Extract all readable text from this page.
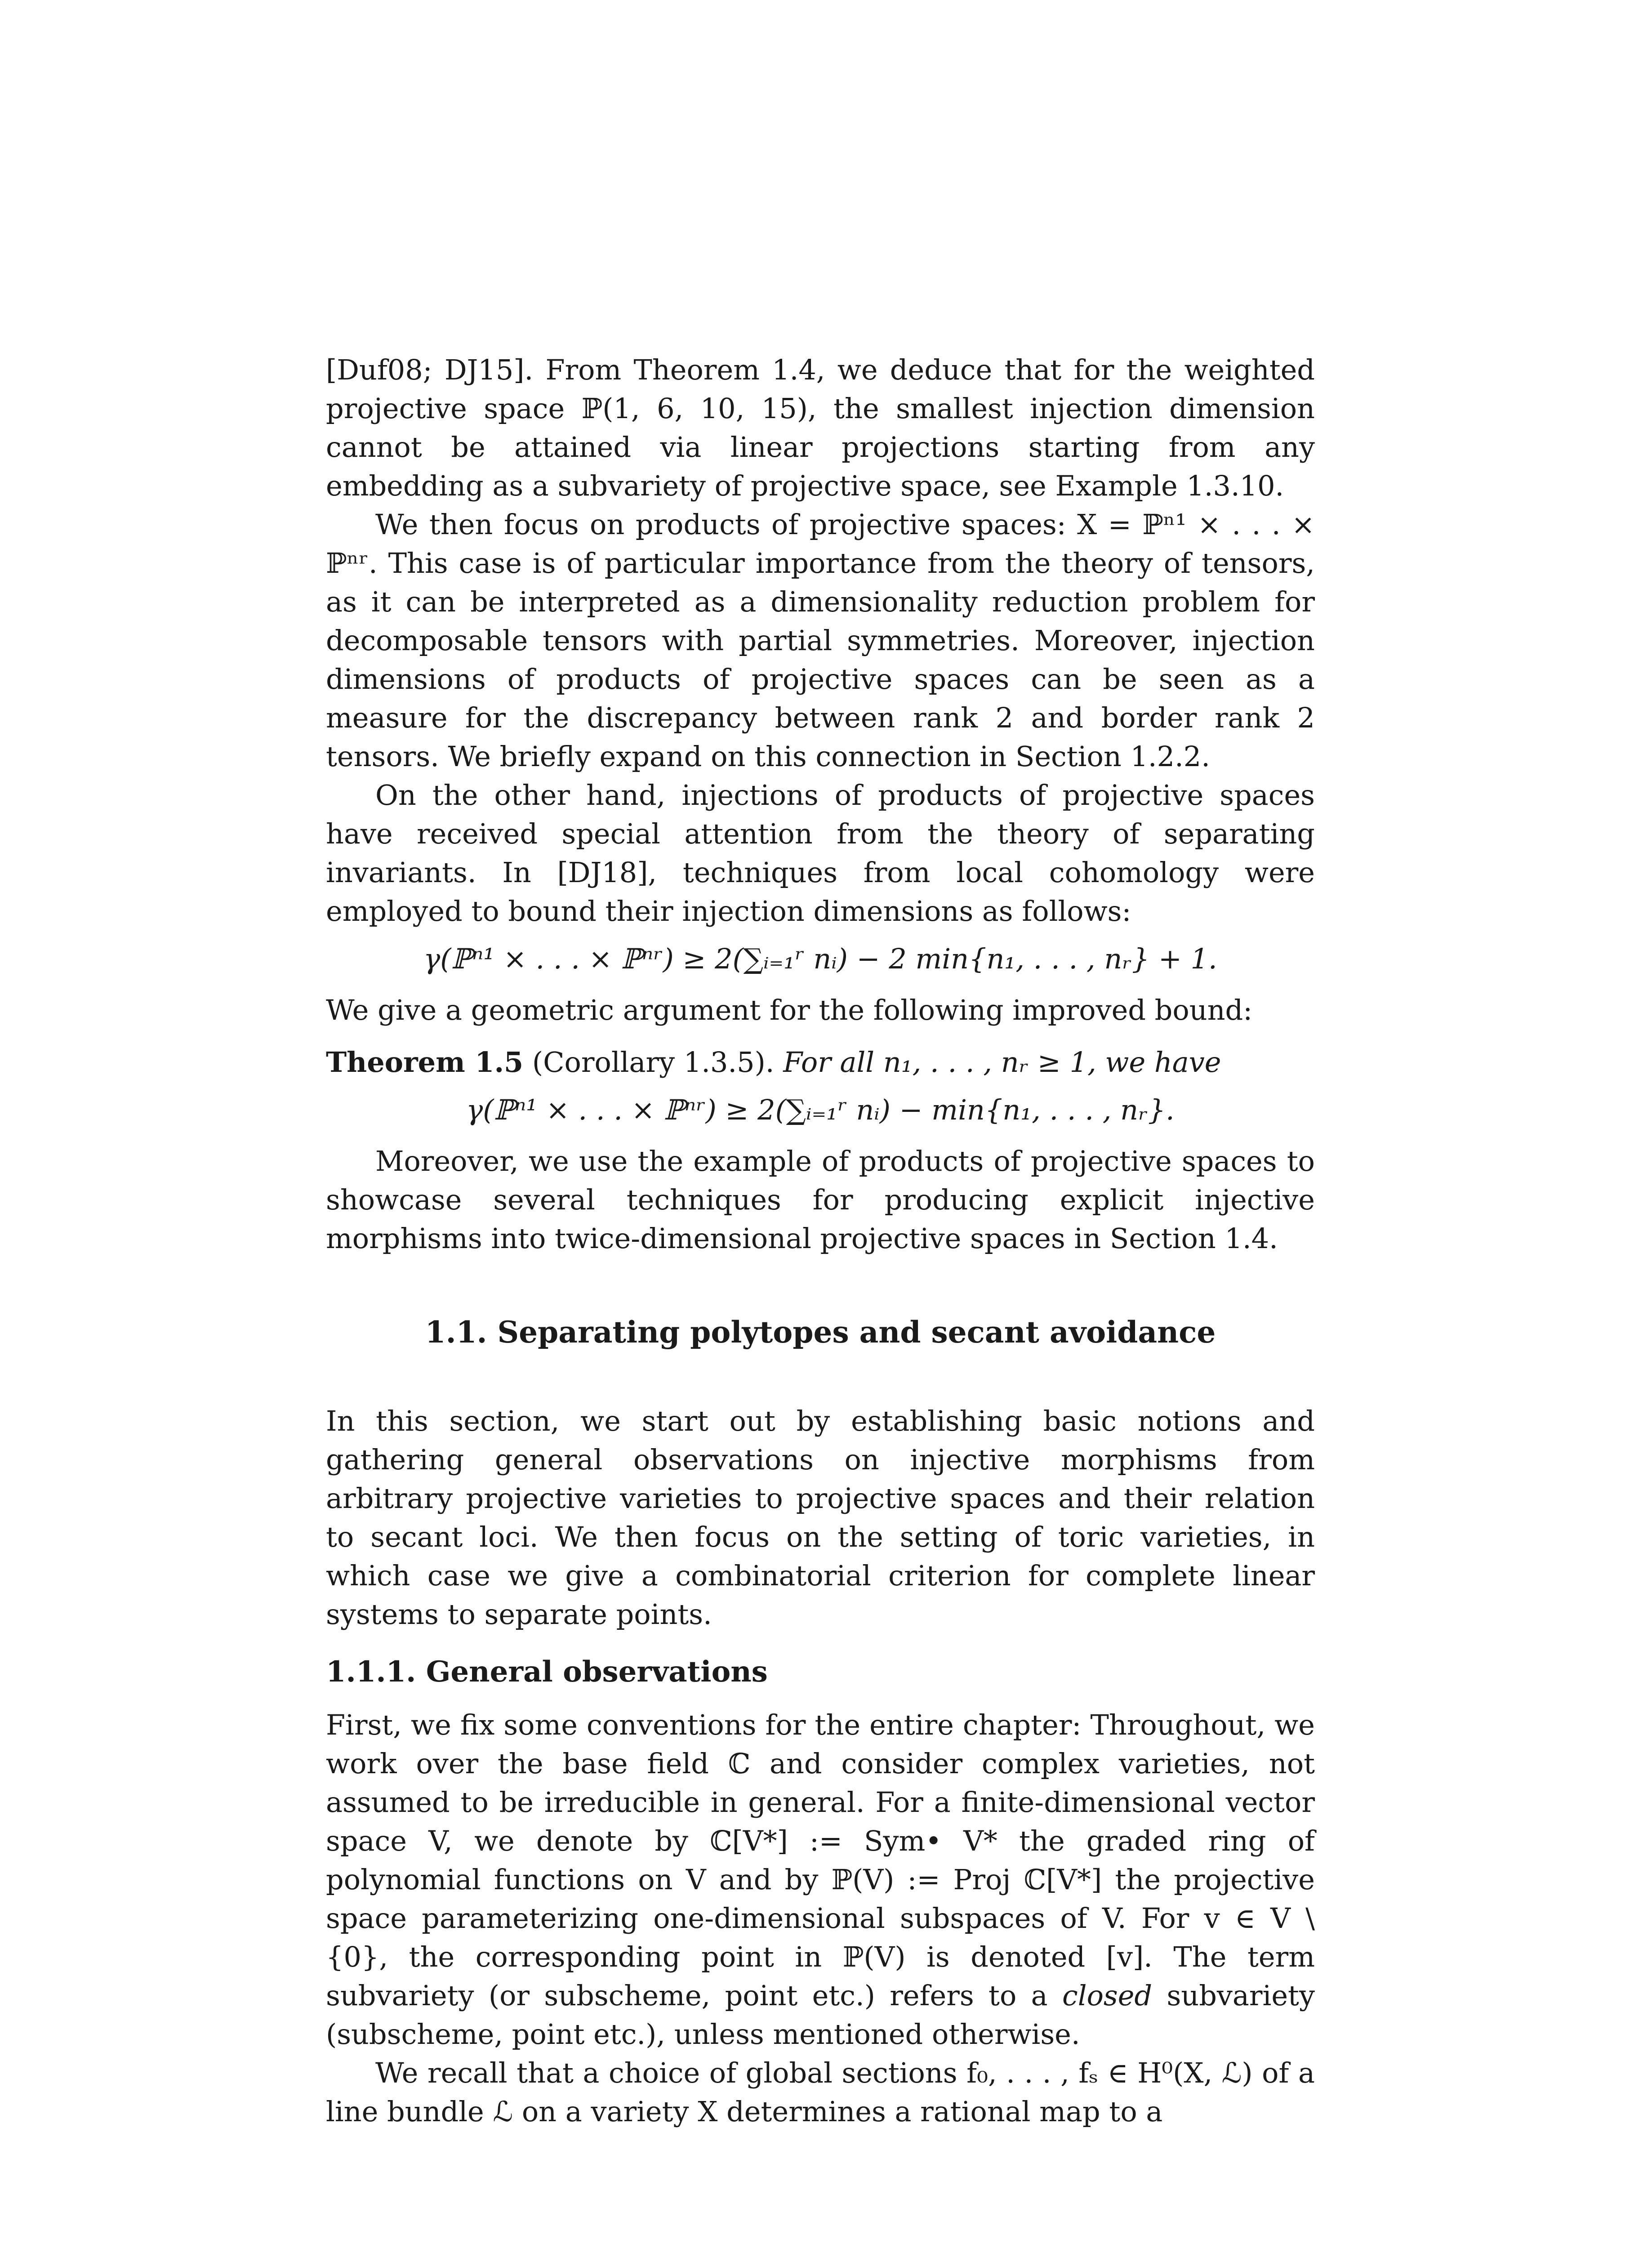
[Duf08; DJ15]. From Theorem 1.4, we deduce that for the weighted projective space ℙ(1, 6, 10, 15), the smallest injection dimension cannot be attained via linear projections starting from any embedding as a subvariety of projective space, see Example 1.3.10.

We then focus on products of projective spaces: X = ℙⁿ¹ × . . . × ℙⁿʳ. This case is of particular importance from the theory of tensors, as it can be interpreted as a dimensionality reduction problem for decomposable tensors with partial symmetries. Moreover, injection dimensions of products of projective spaces can be seen as a measure for the discrepancy between rank 2 and border rank 2 tensors. We briefly expand on this connection in Section 1.2.2.

On the other hand, injections of products of projective spaces have received special attention from the theory of separating invariants. In [DJ18], techniques from local cohomology were employed to bound their injection dimensions as follows:

γ(ℙⁿ¹ × . . . × ℙⁿʳ) ≥ 2(∑ᵢ₌₁ʳ nᵢ) − 2 min{n₁, . . . , nᵣ} + 1.

We give a geometric argument for the following improved bound:

Theorem 1.5 (Corollary 1.3.5). For all n₁, . . . , nᵣ ≥ 1, we have
γ(ℙⁿ¹ × . . . × ℙⁿʳ) ≥ 2(∑ᵢ₌₁ʳ nᵢ) − min{n₁, . . . , nᵣ}.

Moreover, we use the example of products of projective spaces to showcase several techniques for producing explicit injective morphisms into twice-dimensional projective spaces in Section 1.4.

1.1. Separating polytopes and secant avoidance

In this section, we start out by establishing basic notions and gathering general observations on injective morphisms from arbitrary projective varieties to projective spaces and their relation to secant loci. We then focus on the setting of toric varieties, in which case we give a combinatorial criterion for complete linear systems to separate points.

1.1.1. General observations

First, we fix some conventions for the entire chapter: Throughout, we work over the base field ℂ and consider complex varieties, not assumed to be irreducible in general. For a finite-dimensional vector space V, we denote by ℂ[V*] := Sym• V* the graded ring of polynomial functions on V and by ℙ(V) := Proj ℂ[V*] the projective space parameterizing one-dimensional subspaces of V. For v ∈ V \ {0}, the corresponding point in ℙ(V) is denoted [v]. The term subvariety (or subscheme, point etc.) refers to a closed subvariety (subscheme, point etc.), unless mentioned otherwise.

We recall that a choice of global sections f₀, . . . , fₛ ∈ H⁰(X, ℒ) of a line bundle ℒ on a variety X determines a rational map to a
